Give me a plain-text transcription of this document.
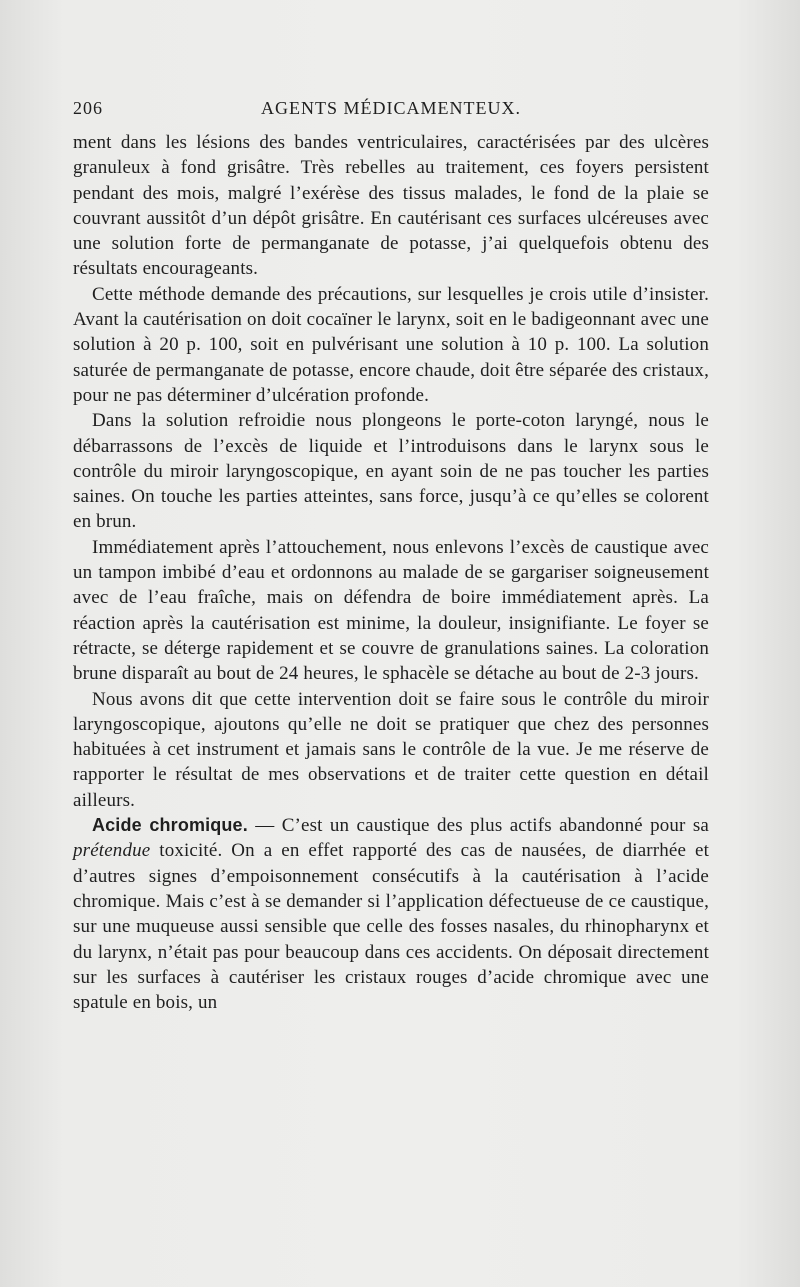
206	AGENTS MÉDICAMENTEUX.

ment dans les lésions des bandes ventriculaires, caractérisées par des ulcères granuleux à fond grisâtre. Très rebelles au traitement, ces foyers persistent pendant des mois, malgré l’exérèse des tissus malades, le fond de la plaie se couvrant aussitôt d’un dépôt grisâtre. En cautérisant ces surfaces ulcéreuses avec une solution forte de permanganate de potasse, j’ai quelquefois obtenu des résultats encourageants.

Cette méthode demande des précautions, sur lesquelles je crois utile d’insister. Avant la cautérisation on doit cocaïner le larynx, soit en le badigeonnant avec une solution à 20 p. 100, soit en pulvérisant une solution à 10 p. 100. La solution saturée de permanganate de potasse, encore chaude, doit être séparée des cristaux, pour ne pas déterminer d’ulcération profonde.

Dans la solution refroidie nous plongeons le porte-coton laryngé, nous le débarrassons de l’excès de liquide et l’introduisons dans le larynx sous le contrôle du miroir laryngoscopique, en ayant soin de ne pas toucher les parties saines. On touche les parties atteintes, sans force, jusqu’à ce qu’elles se colorent en brun.

Immédiatement après l’attouchement, nous enlevons l’excès de caustique avec un tampon imbibé d’eau et ordonnons au malade de se gargariser soigneusement avec de l’eau fraîche, mais on défendra de boire immédiatement après. La réaction après la cautérisation est minime, la douleur, insignifiante. Le foyer se rétracte, se déterge rapidement et se couvre de granulations saines. La coloration brune disparaît au bout de 24 heures, le sphacèle se détache au bout de 2-3 jours.

Nous avons dit que cette intervention doit se faire sous le contrôle du miroir laryngoscopique, ajoutons qu’elle ne doit se pratiquer que chez des personnes habituées à cet instrument et jamais sans le contrôle de la vue. Je me réserve de rapporter le résultat de mes observations et de traiter cette question en détail ailleurs.

Acide chromique. — C’est un caustique des plus actifs abandonné pour sa prétendue toxicité. On a en effet rapporté des cas de nausées, de diarrhée et d’autres signes d’empoisonnement consécutifs à la cautérisation à l’acide chromique. Mais c’est à se demander si l’application défectueuse de ce caustique, sur une muqueuse aussi sensible que celle des fosses nasales, du rhinopharynx et du larynx, n’était pas pour beaucoup dans ces accidents. On déposait directement sur les surfaces à cautériser les cristaux rouges d’acide chromique avec une spatule en bois, un
